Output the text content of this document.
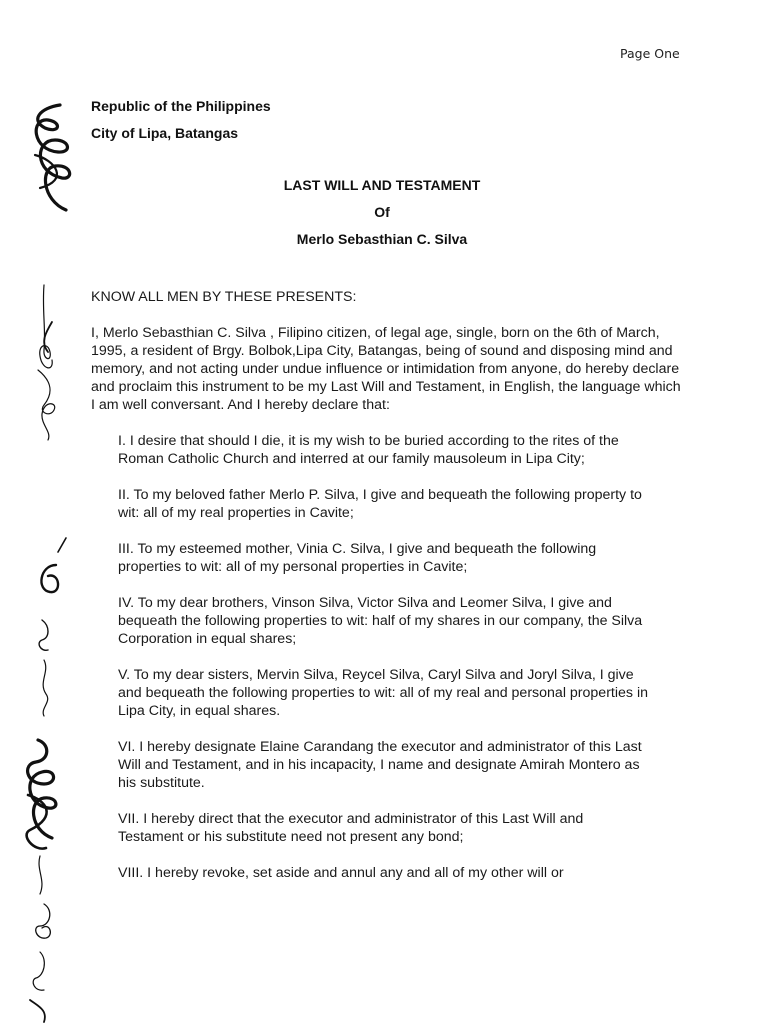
Page One
Republic of the Philippines
City of Lipa, Batangas
LAST WILL AND TESTAMENT
Of
Merlo Sebasthian C. Silva

KNOW ALL MEN BY THESE PRESENTS:

I, Merlo Sebasthian C. Silva , Filipino citizen, of legal age, single, born on the 6th of March, 1995, a resident of Brgy. Bolbok,Lipa City, Batangas, being of sound and disposing mind and memory, and not acting under undue influence or intimidation from anyone, do hereby declare and proclaim this instrument to be my Last Will and Testament, in English, the language which I am well conversant. And I hereby declare that:

I. I desire that should I die, it is my wish to be buried according to the rites of the Roman Catholic Church and interred at our family mausoleum in Lipa City;

II. To my beloved father Merlo P. Silva, I give and bequeath the following property to wit: all of my real properties in Cavite;

III. To my esteemed mother, Vinia C. Silva, I give and bequeath the following properties to wit: all of my personal properties in Cavite;

IV. To my dear brothers, Vinson Silva, Victor Silva and Leomer Silva, I give and bequeath the following properties to wit: half of my shares in our company, the Silva Corporation in equal shares;

V. To my dear sisters, Mervin Silva, Reycel Silva, Caryl Silva and Joryl Silva, I give and bequeath the following properties to wit: all of my real and personal properties in Lipa City, in equal shares.

VI. I hereby designate Elaine Carandang the executor and administrator of this Last Will and Testament, and in his incapacity, I name and designate Amirah Montero as his substitute.

VII. I hereby direct that the executor and administrator of this Last Will and Testament or his substitute need not present any bond;

VIII. I hereby revoke, set aside and annul any and all of my other will or
